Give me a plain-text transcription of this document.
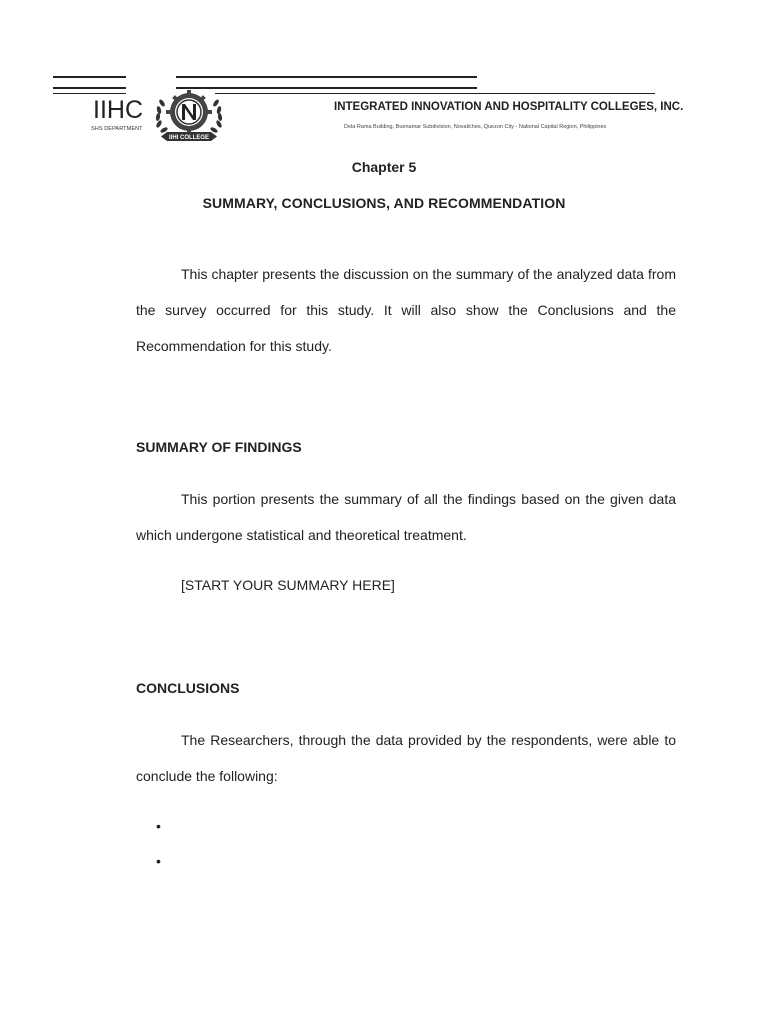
IIHC
SHS DEPARTMENT
IIHI COLLEGE
INTEGRATED INNOVATION AND HOSPITALITY COLLEGES, INC.
Dela Rama Building, Buenamar Subdivision, Novaliches, Quezon City - National Capital Region, Philippines
Chapter 5
SUMMARY, CONCLUSIONS, AND RECOMMENDATION

This chapter presents the discussion on the summary of the analyzed data from the survey occurred for this study. It will also show the Conclusions and the Recommendation for this study.

SUMMARY OF FINDINGS

This portion presents the summary of all the findings based on the given data which undergone statistical and theoretical treatment.

[START YOUR SUMMARY HERE]
CONCLUSIONS

The Researchers, through the data provided by the respondents, were able to conclude the following:

•
•
